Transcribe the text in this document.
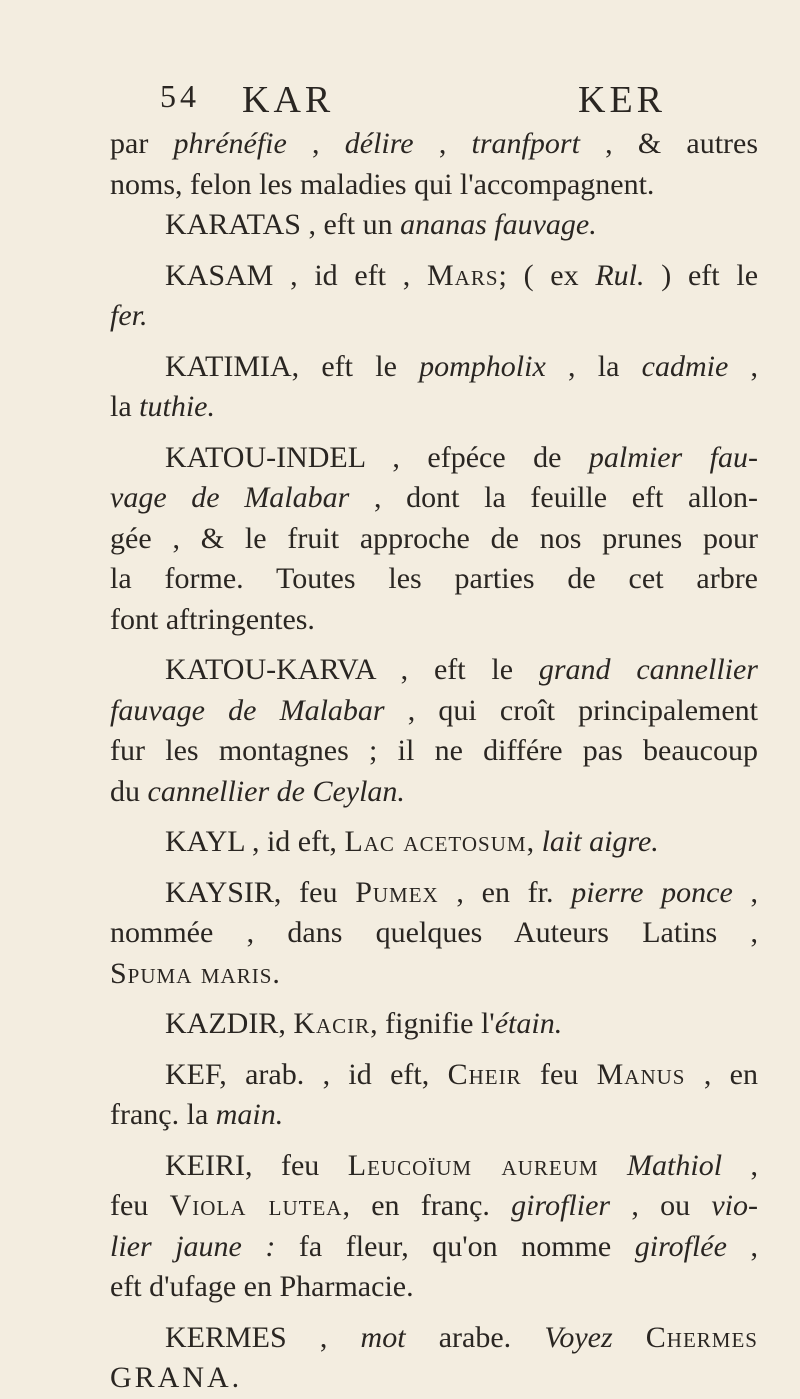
54 KAR	KER
par phrénéfie , délire , tranfport , & autres
noms, felon les maladies qui l'accompagnent.
KARATAS , eft un ananas fauvage.
KASAM , id eft , Mars; ( ex Rul. ) eft le
fer.
KATIMIA, eft le pompholix , la cadmie ,
la tuthie.
KATOU-INDEL , efpéce de palmier fau-
vage de Malabar , dont la feuille eft allon-
gée , & le fruit approche de nos prunes pour
la forme. Toutes les parties de cet arbre
font aftringentes.
KATOU-KARVA , eft le grand cannellier
fauvage de Malabar , qui croît principalement
fur les montagnes ; il ne différe pas beaucoup
du cannellier de Ceylan.
KAYL , id eft, Lac acetosum, lait aigre.
KAYSIR, feu Pumex , en fr. pierre ponce ,
nommée , dans quelques Auteurs Latins ,
Spuma maris.
KAZDIR, Kacir, fignifie l'étain.
KEF, arab. , id eft, Cheir feu Manus , en
franç. la main.
KEIRI, feu Leucoïum aureum Mathiol ,
feu Viola lutea, en franç. giroflier , ou vio-
lier jaune : fa fleur, qu'on nomme giroflée ,
eft d'ufage en Pharmacie.
KERMES , mot arabe. Voyez Chermes
GRANA.
